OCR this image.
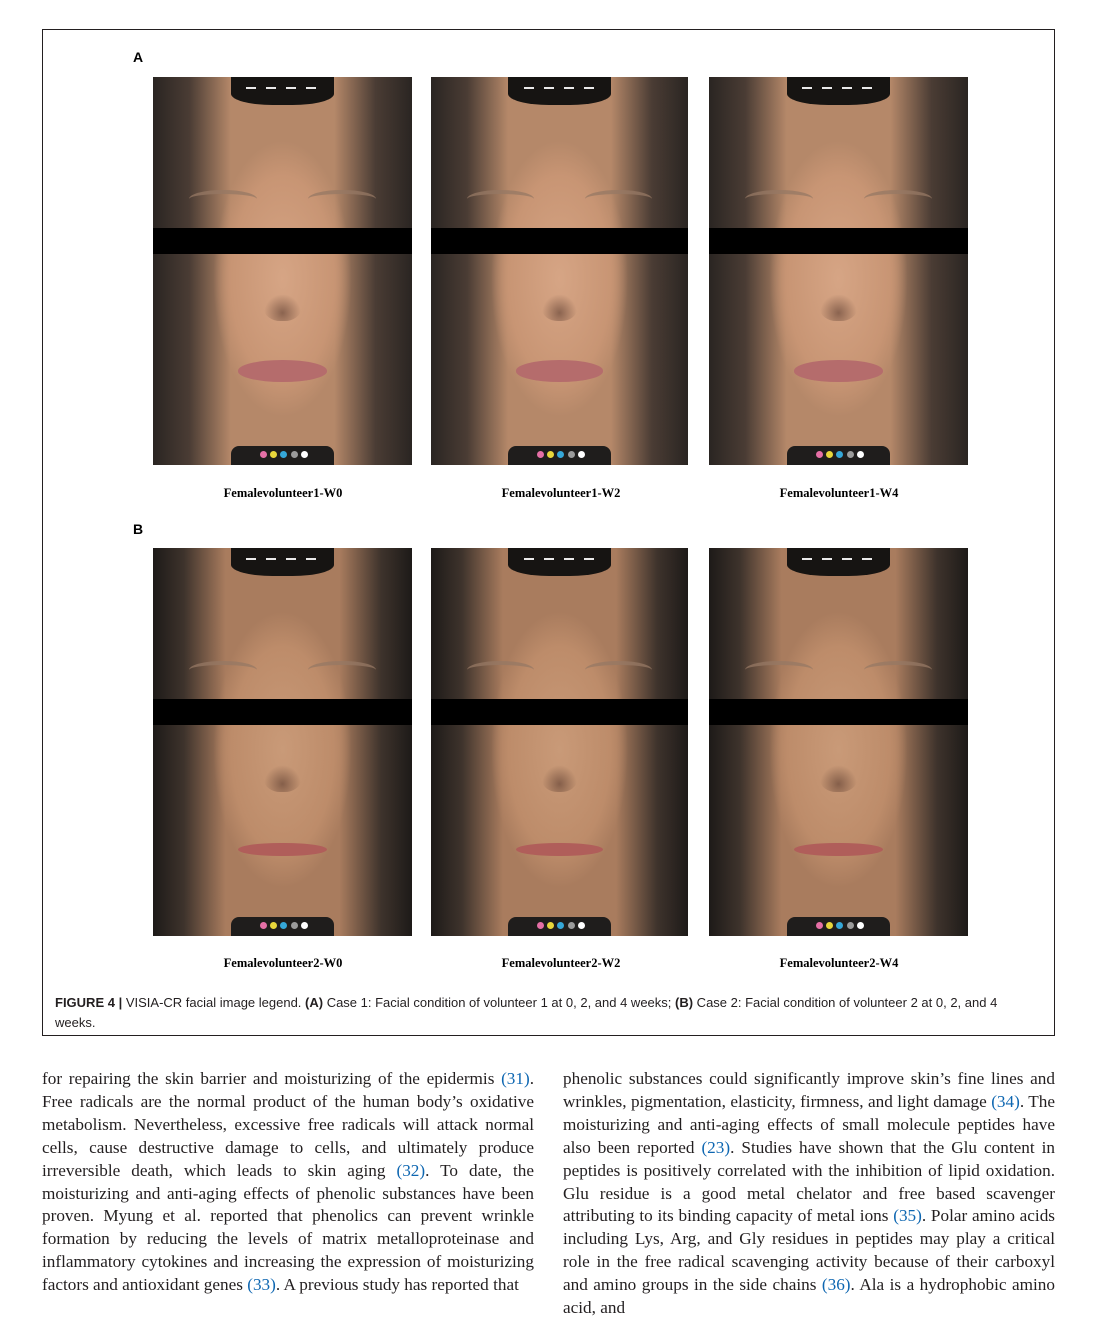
A
Femalevolunteer1-W0	Femalevolunteer1-W2	Femalevolunteer1-W4
B
Femalevolunteer2-W0	Femalevolunteer2-W2	Femalevolunteer2-W4
FIGURE 4 | VISIA-CR facial image legend. (A) Case 1: Facial condition of volunteer 1 at 0, 2, and 4 weeks; (B) Case 2: Facial condition of volunteer 2 at 0, 2, and 4 weeks.

for repairing the skin barrier and moisturizing of the epidermis (31). Free radicals are the normal product of the human body’s oxidative metabolism. Nevertheless, excessive free radicals will attack normal cells, cause destructive damage to cells, and ultimately produce irreversible death, which leads to skin aging (32). To date, the moisturizing and anti-aging effects of phenolic substances have been proven. Myung et al. reported that phenolics can prevent wrinkle formation by reducing the levels of matrix metalloproteinase and inflammatory cytokines and increasing the expression of moisturizing factors and antioxidant genes (33). A previous study has reported that

phenolic substances could significantly improve skin’s fine lines and wrinkles, pigmentation, elasticity, firmness, and light damage (34). The moisturizing and anti-aging effects of small molecule peptides have also been reported (23). Studies have shown that the Glu content in peptides is positively correlated with the inhibition of lipid oxidation. Glu residue is a good metal chelator and free based scavenger attributing to its binding capacity of metal ions (35). Polar amino acids including Lys, Arg, and Gly residues in peptides may play a critical role in the free radical scavenging activity because of their carboxyl and amino groups in the side chains (36). Ala is a hydrophobic amino acid, and
